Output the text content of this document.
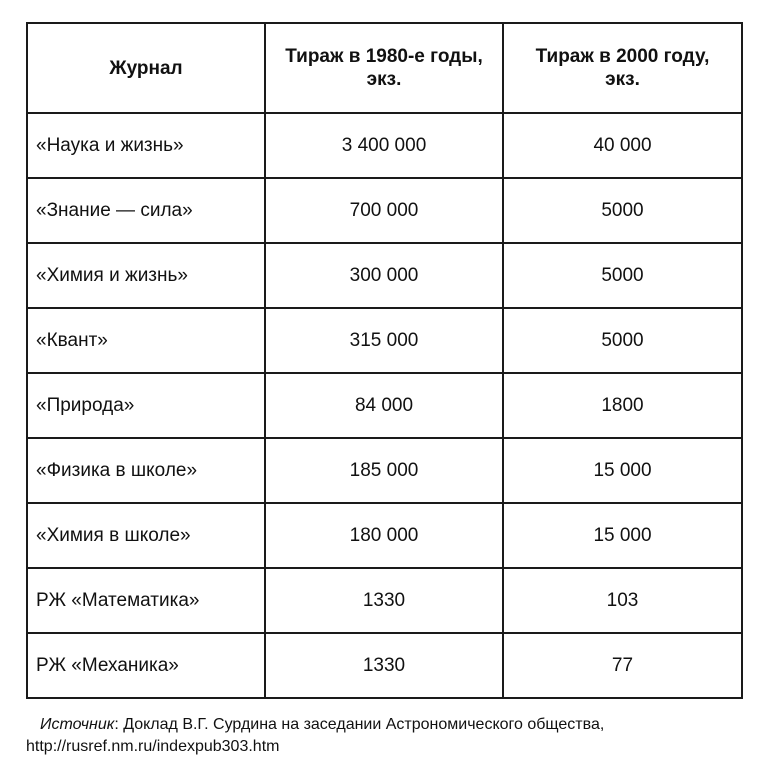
Журнал	Тираж в 1980-е годы, экз.	Тираж в 2000 году, экз.
«Наука и жизнь»	3 400 000	40 000
«Знание — сила»	700 000	5000
«Химия и жизнь»	300 000	5000
«Квант»	315 000	5000
«Природа»	84 000	1800
«Физика в школе»	185 000	15 000
«Химия в школе»	180 000	15 000
РЖ «Математика»	1330	103
РЖ «Механика»	1330	77
Источник: Доклад В.Г. Сурдина на заседании Астрономического общества,
http://rusref.nm.ru/indexpub303.htm
